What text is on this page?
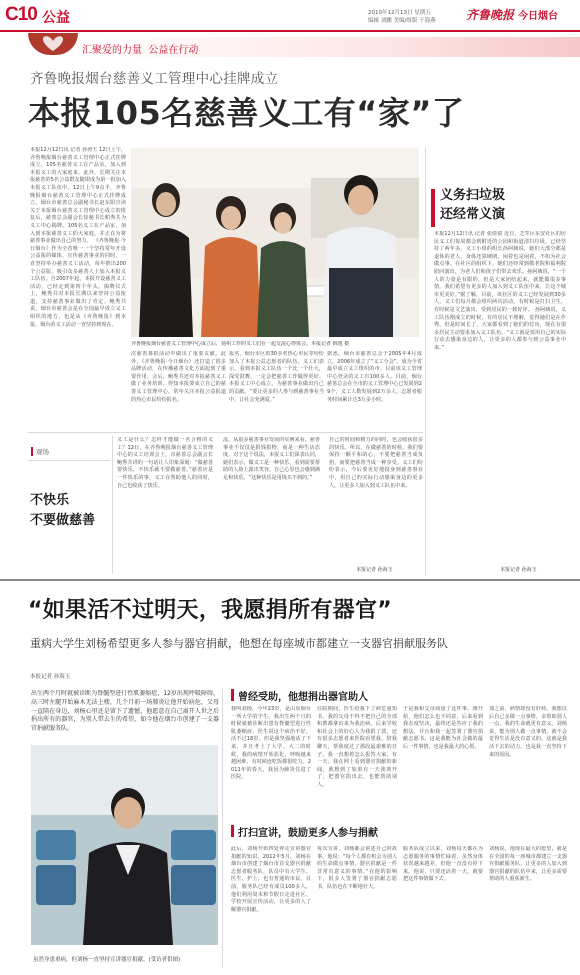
C10 公益	2010年12月13日 星期五
编辑 刘鹏 美编/组版 于海燕	齐鲁晚报 今日烟台
汇聚爱的力量  公益在行动
齐鲁晚报烟台慈善义工管理中心挂牌成立
本报105名慈善义工有“家”了
本报12月12日讯 记者 孙涛玉 12日上午，齐鲁晚报烟台慈善义工管理中心正式挂牌成立，105名慈善义工在产品室，加入到本报义工的大家庭来。此外，长期关注本报慈善的5名公益群友随即成为第一批加入本报义工队伍中。12日上午9点半，齐鲁晚报烟台慈善义工管理中心正式挂牌成立。烟台市慈善总会副秘书长赵东阳宣读关于本报烟台慈善义工管理中心成立的批复后，慈善总会副会长崔秘书长帕秀共为义工中心揭牌。105名义工在产品室，加入到本报慈善义工的大家庭，并正在为将慈善事业做出自己的努力。 《齐鲁晚报·今日烟台》作为全省唯一一个坚持常年开设公益版的媒体，宣传慈善事业的同时，一直坚持举办慈善义工活动，每年推出200个公益版，吸引众多慈善人士加入本报义工队伍。自2007年起，本报开设慈善义工活动，已经走到第四个年头。揭牌仪式上，鲍秀共对本报长期以来坚持公益报道，支持慈善事业做出了肯定。鲍秀共说，烟台市慈善会是在全国最早成立义工组织的地方，也是从《齐鲁晚报》到本报，烟台的义工活动一直坚持到现在。
齐鲁晚报烟台慈善义工管理中心成立后，扬州工作的义工们在一起交流心得体会。本报记者 韩逸 摄
次慈善募捐活动中做出了重要贡献。此外，《齐鲁晚报·今日烟台》还打造了很多品牌活动，在传播慈善文化方面起到了重要作用。会后，鲍秀共还对本报慈善义工做了业务培训。得知本报要成立自己的慈善义工管理中心，常年关注本报公益报道的热心市民纷纷报名。
报名，烟台市区的30多名热心市民等纷纷加入了本报公益志愿者的队伍。义工们表示，看到本报义工队伍一个比一个壮大，深受鼓舞，一定会把慈善工作做得更好。本报义工中心成立，为慈善事业做出自己的贡献。“要让更多的人参与到慈善事业当中，让社会充满爱。”
据悉，烟台市慈善总会于2005年4月成立，2006年成立了“义工分会”。成为全省最早成立义工组织的市。目前该义工管理中心登录的义工有100多人。目前，烟台慈善总会在全市的义工管理中心已发展到29个，义工人数发展到2万余人，志愿者服务时间累计达3万多小时。
义务扫垃圾
还经常义演
本报12月12日讯 记者 张倩倩 近日，芝罘区东安社区的居民义工们每周都会到附近的公园和街道清扫垃圾，已经坚持了两年多。义工小组的组长孙阿姨说，她们大部分都是退休的老人，身体还算硬朗，闲着也是闲着，不如为社会做点事。在社区的组织下，她们还经常到敬老院和福利院慰问演出，为老人们和孩子们带去欢乐。孙阿姨说，“一个人的力量是有限的，但是大家团结起来，就能做很多事情。我们希望有更多的人加入到义工队伍中来，让这个城市更美好。”据了解，目前，该社区的义工已经发展到30多人，义工们每月都会组织两次活动，有时候是打扫卫生，有时候是文艺演出，受到居民的一致好评。 孙阿姨说，义工队伍刚成立的时候，有的居民不理解，觉得她们是在作秀。但是时间长了，大家都看到了她们的付出，现在有很多居民主动要求加入义工队伍。“义工就是要用自己的实际行动去感染身边的人，让更多的人都参与到公益事业中来。”
本报记者 孙海玉
观场
不快乐
不要做慈善
义工是什么？怎样才能做一名合格的义工？12日，在齐鲁晚报烟台慈善义工管理中心的义工培训会上，市慈善总会副会长鲍秀共讲的一句话让人印象深刻：“做慈善要快乐，不快乐就不要做慈善。”慈善应是一件快乐的事，义工在帮助他人的同时，自己也收获了快乐。
流，从很多慈善事业发展的实例来看，慈善事业不仅仅是捐钱捐物，而是一种生活态度。对于这个说法，本报义工们深表认同，她们表示，做义工是一种快乐，看到需要帮助的人脸上露出笑容，自己心里也会感到满足和快乐。“这种快乐是用钱买不到的。”
自己的时间和精力的同时，也会收获很多的快乐。所以，在做慈善的时候，我们要保持一颗平和的心，不要把慈善当成负担，而要把慈善当成一种享受。义工们纷纷表示，今后要更好地投身到慈善事业中，用自己的实际行动感染身边的更多人，让更多人加入到义工队伍中来。
本报记者 孙海玉
“如果活不过明天，我愿捐所有器官”
重病大学生刘杨希望更多人参与器官捐献，他想在每座城市都建立一支器官捐献服务队
本报记者 孙海玉
出生两个月时就被诊断为脊髓型进行性肌萎缩症，12岁出现呼吸障碍，高三时左腿开始麻木无法上楼，几个月前一场肺炎让他开始病危，父母一直陪在身边，刘杨心里还是留下了遗憾，他愿意在自己离开人世之后捐出所有的器官，为别人带去生的希望，如今他在烟台市创建了一支器官捐献服务队。
虽然身患重病，但刘杨一直坚持宣讲器官捐献。(受访者供图)
曾经受助，他想捐出器官助人
我叫刘杨，今年23岁，是山东烟台一所大学的学生。我出生两个月的时候就被诊断出患有脊髓型进行性肌萎缩症，医生说这个病治不好，活不过18岁。但是我坚强地活了下来，并且考上了大学。大二的时候，我的病情开始恶化，呼吸越来越困难，有时候连吃饭都很吃力。2011年的春天，我因为肺炎住进了医院。
住院期间，医生给我下了病危通知书，我的父母不得不把自己的全部积蓄都拿出来为我治病。后来学校和社会上的好心人为我捐了款，还有很多志愿者来医院看望我，陪我聊天，帮我度过了那段最艰难的日子。我一直想着怎么报答大家。有一天，我在网上看到器官捐献的新闻，就想到了如果有一天我离开了，把器官捐出去，也能帮助别人。
于是我和父母商量了这件事。刚开始，他们怎么也不同意，后来看到我态度坚决，最终还是答应了我的想法，并且和我一起签署了器官捐献志愿书。这是我能为社会做的最后一件事情，也是我最大的心愿。
加之前，病情却没有好转，我想以后自己多做一点事情，多帮助别人一点，我的生命就更有意义。刘杨说，能为别人做一点事情，就不会觉得生活是没有意义的。这就是我活下去的动力，也是我一直坚持下来的原因。
打扫宣讲，鼓励更多人参与捐献
此后，刘杨开始四处奔走宣讲器官捐献的知识。2012年5月，刘杨在烟台市创建了烟台市首支器官捐献志愿者服务队，队员中有大学生、医生、护士，也有普通的市民。目前，服务队已经有成员100多人，他们利用周末和节假日走进社区、学校开展宣传活动，让更多的人了解器官捐献。
每次宣讲，刘杨都会讲述自己的故事，他说：“每个人都有机会为别人的生命做点事情，器官捐献是一件非常有意义的事情。”在他的影响下，很多人签署了器官捐献志愿书，队伍也在不断地壮大。
服务队成立以来，刘杨每天都在为志愿服务的事情忙碌着，虽然身体状况越来越差，但他一直没有停下来。他说，只要还活着一天，就要把这件事情做下去。
刘杨说，他现在最大的愿望，就是在全国的每一座城市都建立一支器官捐献服务队，让更多的人加入到器官捐献的队伍中来，让更多需要帮助的人重获新生。
